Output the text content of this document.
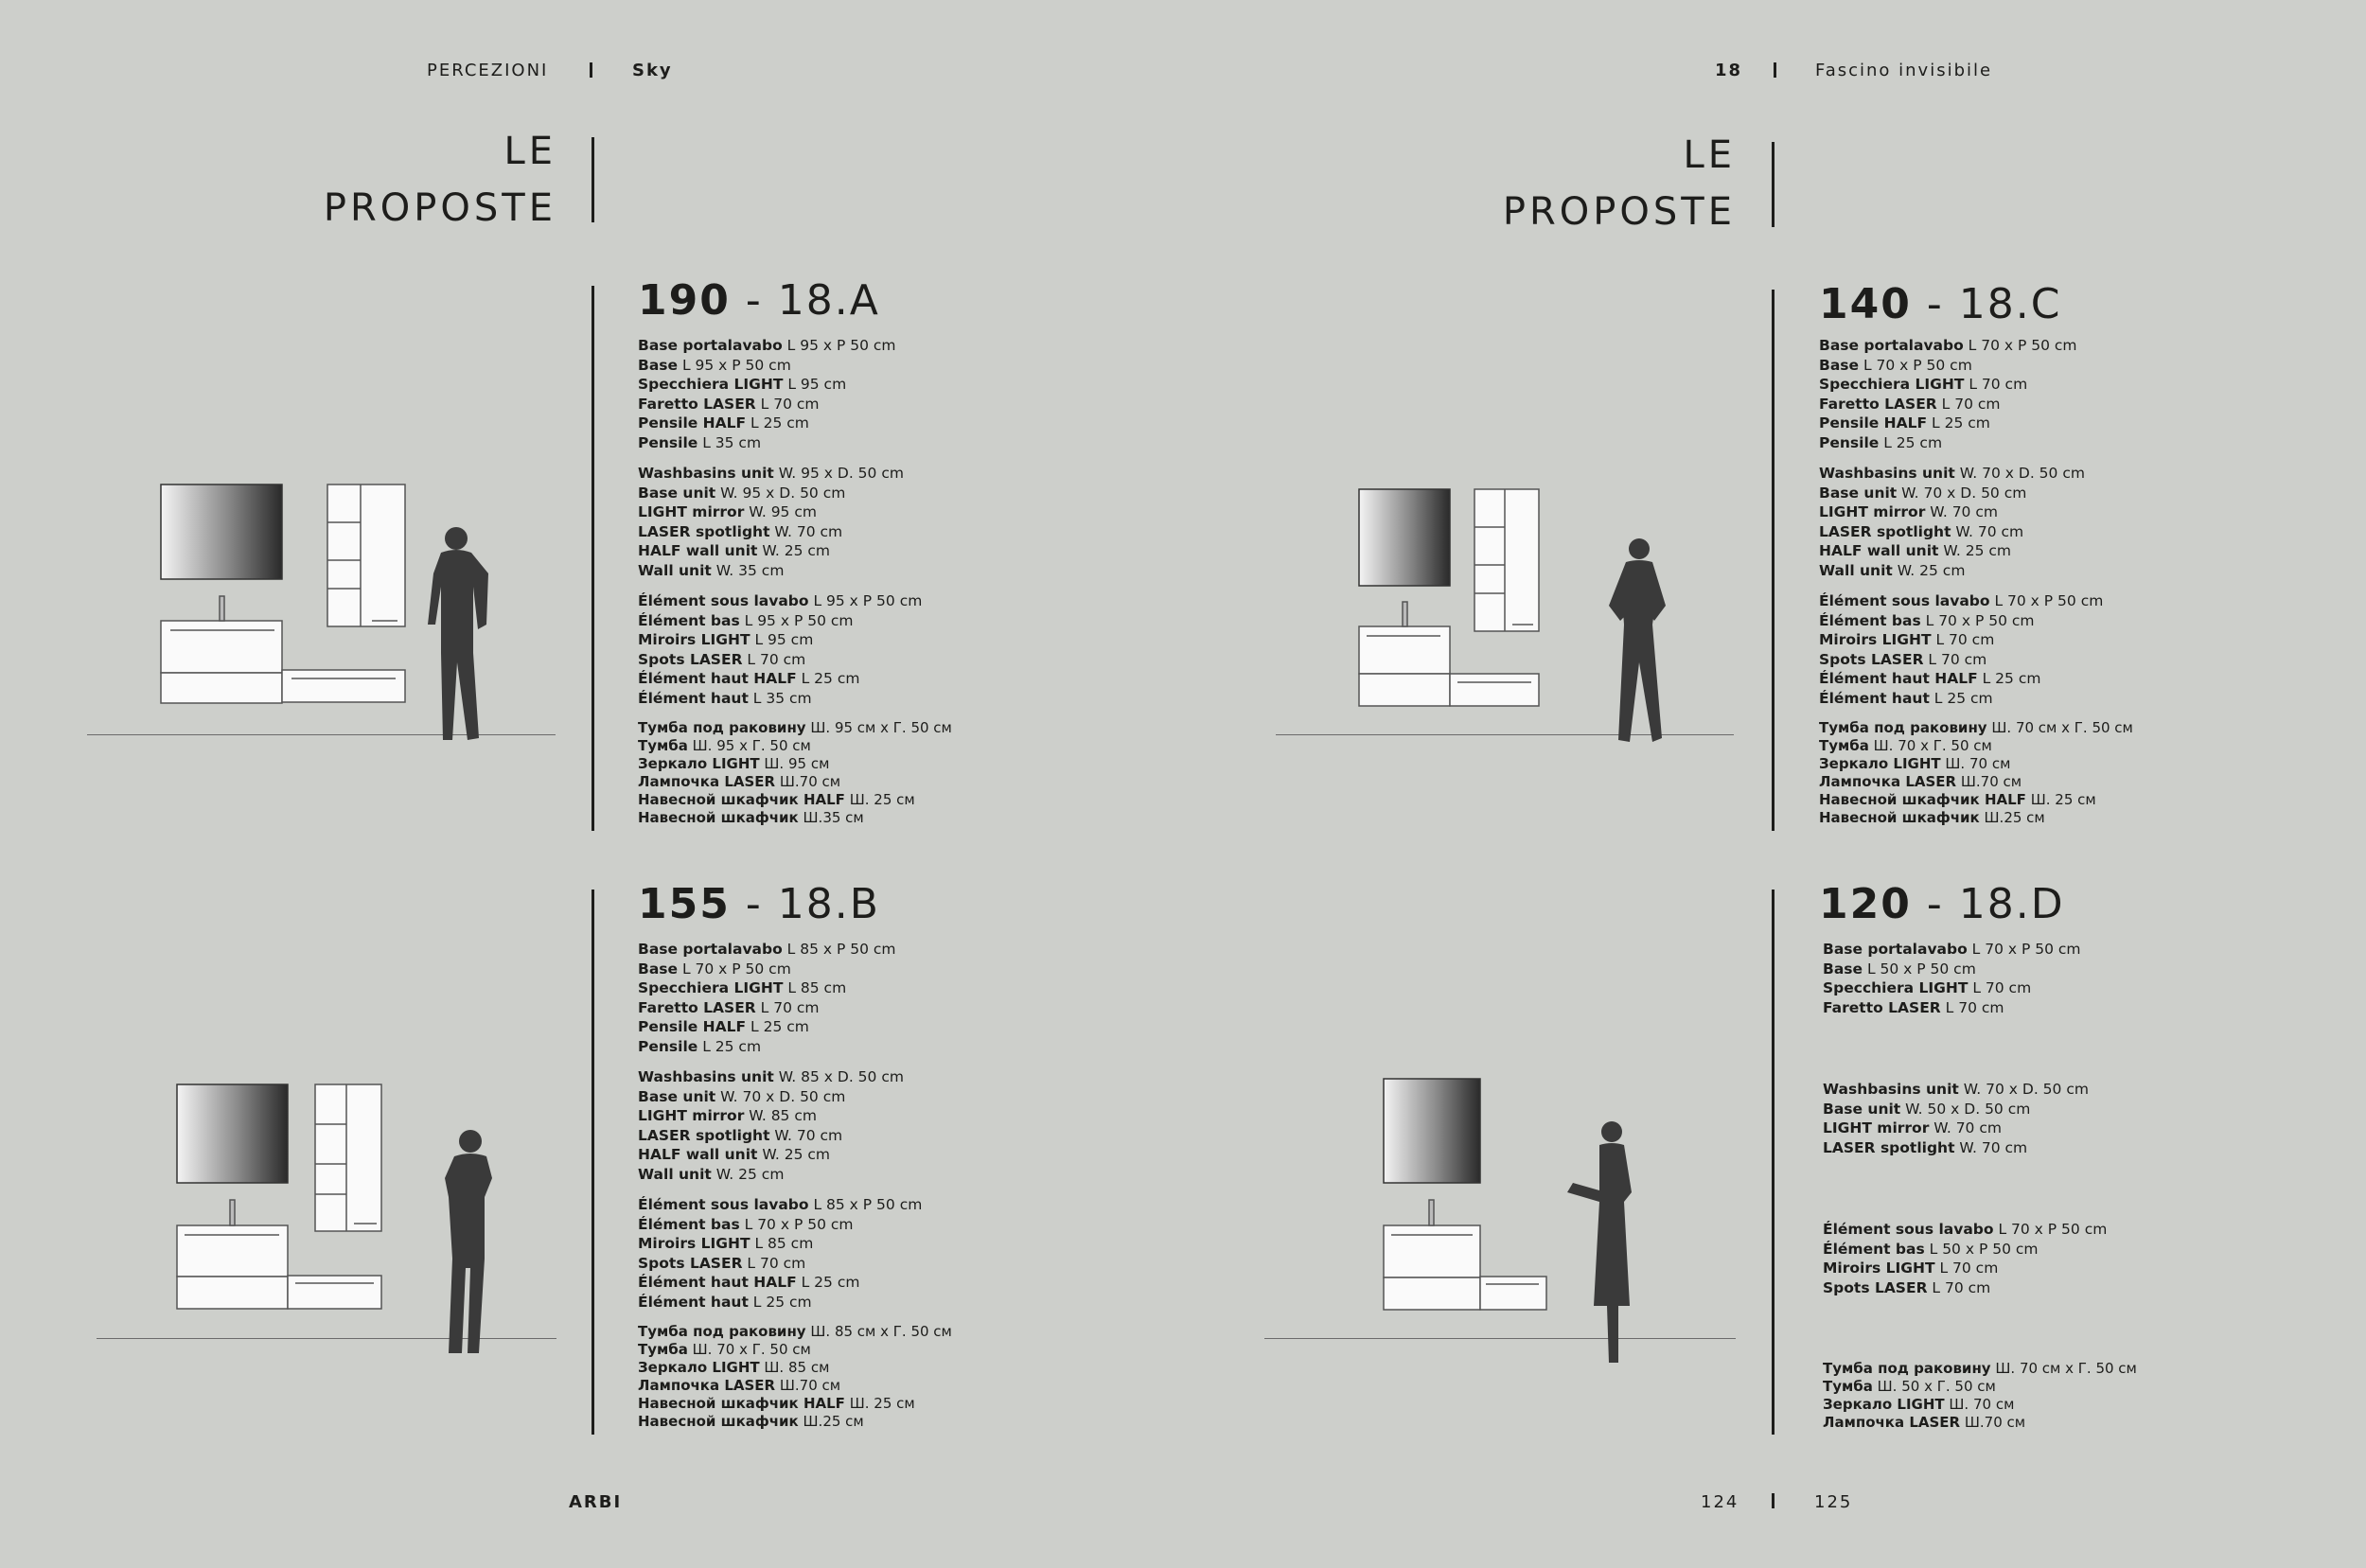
PERCEZIONI	Sky	18	Fascino invisibile
LE
PROPOSTE
LE
PROPOSTE
190 - 18.A
Base portalavabo L 95 x P 50 cm
Base L 95 x P 50 cm
Specchiera LIGHT L 95 cm
Faretto LASER L 70 cm
Pensile HALF L 25 cm
Pensile L 35 cm
Washbasins unit W. 95 x D. 50 cm
Base unit W. 95 x D. 50 cm
LIGHT mirror W. 95 cm
LASER spotlight W. 70 cm
HALF wall unit W. 25 cm
Wall unit W. 35 cm
Élément sous lavabo L 95 x P 50 cm
Élément bas L 95 x P 50 cm
Miroirs LIGHT L 95 cm
Spots LASER L 70 cm
Élément haut HALF L 25 cm
Élément haut L 35 cm
Тумба под раковину Ш. 95 см х Г. 50 см
Тумба Ш. 95 х Г. 50 см
Зеркало LIGHT Ш. 95 см
Лампочка LASER Ш.70 см
Навесной шкафчик HALF Ш. 25 см
Навесной шкафчик Ш.35 см
155 - 18.B
Base portalavabo L 85 x P 50 cm
Base L 70 x P 50 cm
Specchiera LIGHT L 85 cm
Faretto LASER L 70 cm
Pensile HALF L 25 cm
Pensile L 25 cm
Washbasins unit W. 85 x D. 50 cm
Base unit W. 70 x D. 50 cm
LIGHT mirror W. 85 cm
LASER spotlight W. 70 cm
HALF wall unit W. 25 cm
Wall unit W. 25 cm
Élément sous lavabo L 85 x P 50 cm
Élément bas L 70 x P 50 cm
Miroirs LIGHT L 85 cm
Spots LASER L 70 cm
Élément haut HALF L 25 cm
Élément haut L 25 cm
Тумба под раковину Ш. 85 см х Г. 50 см
Тумба Ш. 70 х Г. 50 см
Зеркало LIGHT Ш. 85 см
Лампочка LASER Ш.70 см
Навесной шкафчик HALF Ш. 25 см
Навесной шкафчик Ш.25 см
140 - 18.C
Base portalavabo L 70 x P 50 cm
Base L 70 x P 50 cm
Specchiera LIGHT L 70 cm
Faretto LASER L 70 cm
Pensile HALF L 25 cm
Pensile L 25 cm
Washbasins unit W. 70 x D. 50 cm
Base unit W. 70 x D. 50 cm
LIGHT mirror W. 70 cm
LASER spotlight W. 70 cm
HALF wall unit W. 25 cm
Wall unit W. 25 cm
Élément sous lavabo L 70 x P 50 cm
Élément bas L 70 x P 50 cm
Miroirs LIGHT L 70 cm
Spots LASER L 70 cm
Élément haut HALF L 25 cm
Élément haut L 25 cm
Тумба под раковину Ш. 70 см х Г. 50 см
Тумба Ш. 70 х Г. 50 см
Зеркало LIGHT Ш. 70 см
Лампочка LASER Ш.70 см
Навесной шкафчик HALF Ш. 25 см
Навесной шкафчик Ш.25 см
120 - 18.D
Base portalavabo L 70 x P 50 cm
Base L 50 x P 50 cm
Specchiera LIGHT L 70 cm
Faretto LASER L 70 cm
Washbasins unit W. 70 x D. 50 cm
Base unit W. 50 x D. 50 cm
LIGHT mirror W. 70 cm
LASER spotlight W. 70 cm
Élément sous lavabo L 70 x P 50 cm
Élément bas L 50 x P 50 cm
Miroirs LIGHT L 70 cm
Spots LASER L 70 cm
Тумба под раковину Ш. 70 см х Г. 50 см
Тумба Ш. 50 х Г. 50 см
Зеркало LIGHT Ш. 70 см
Лампочка LASER Ш.70 см
ARBI	124	125
